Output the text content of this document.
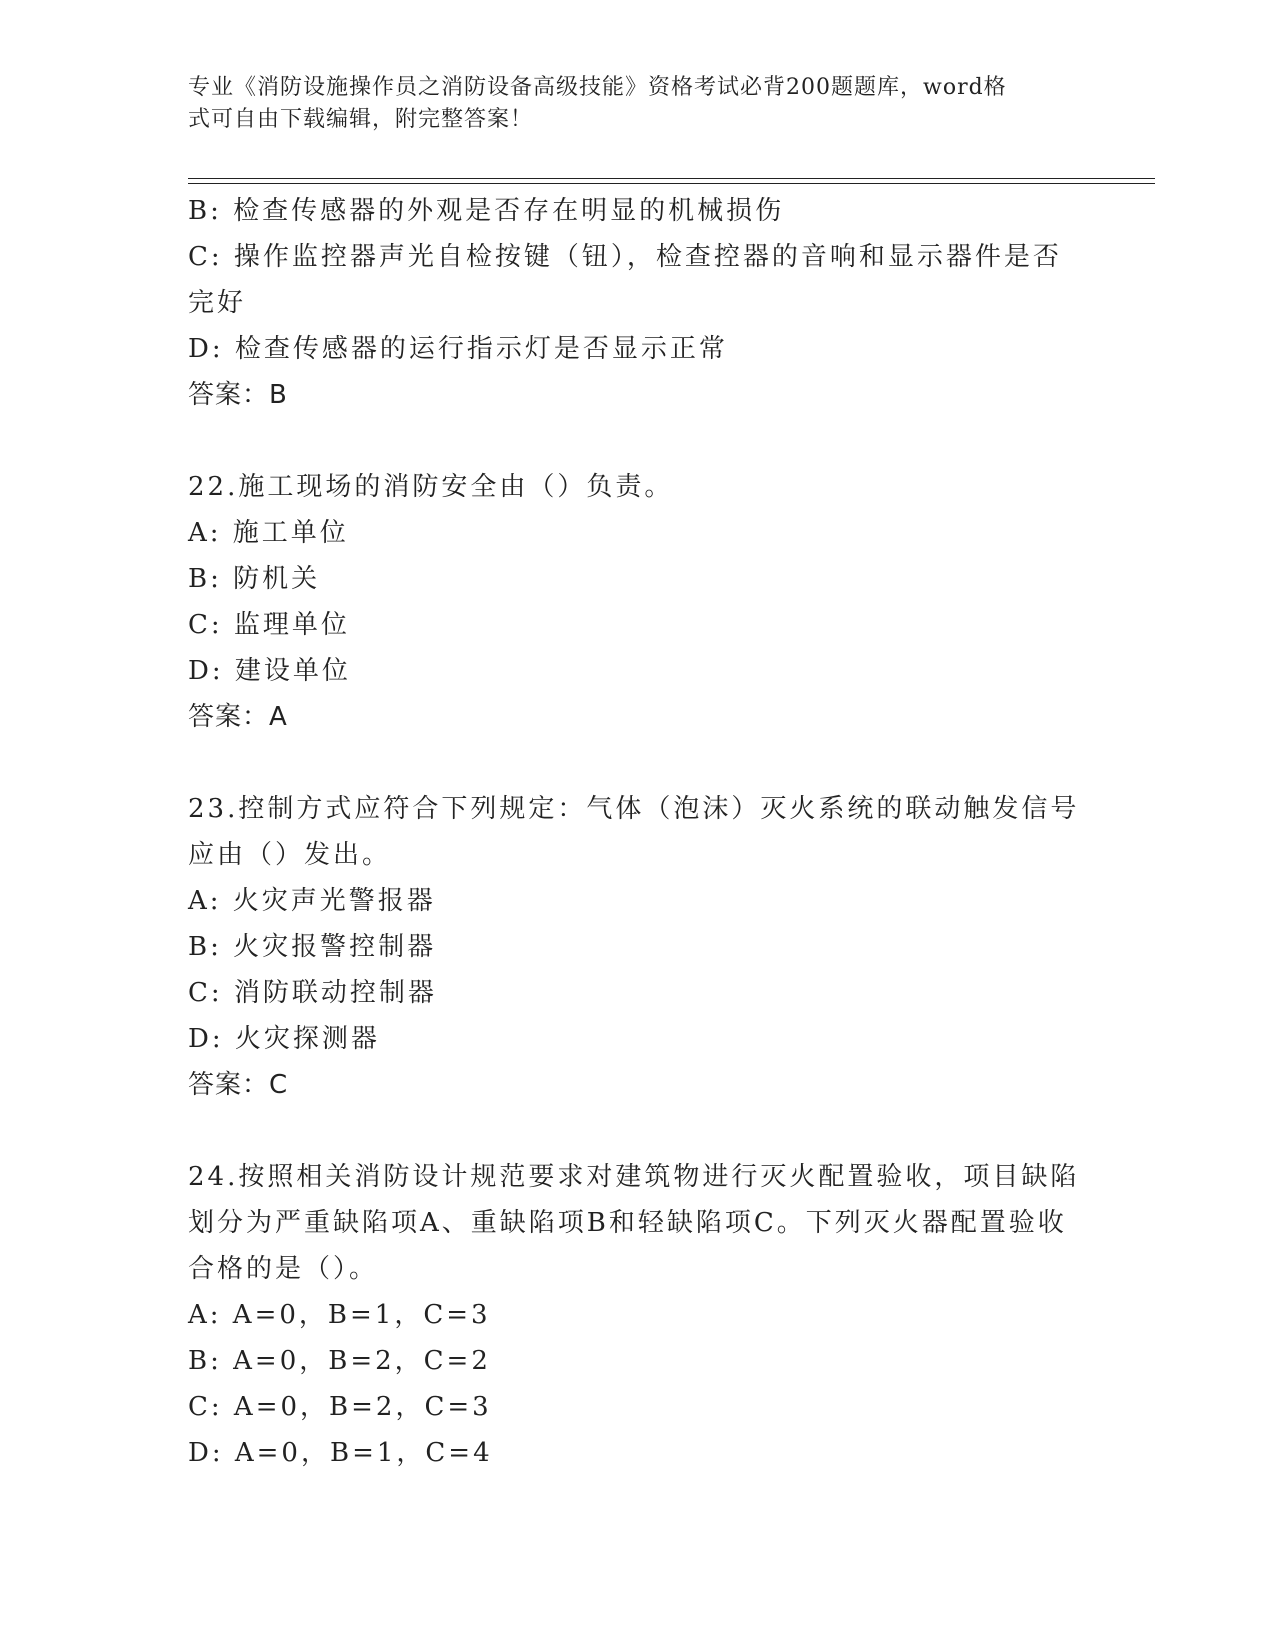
专业《消防设施操作员之消防设备高级技能》资格考试必背200题题库，word格
式可自由下载编辑，附完整答案！
B: 检查传感器的外观是否存在明显的机械损伤
C: 操作监控器声光自检按键（钮），检查控器的音响和显示器件是否
完好
D: 检查传感器的运行指示灯是否显示正常
答案：B
22.施工现场的消防安全由（）负责。
A: 施工单位
B: 防机关
C: 监理单位
D: 建设单位
答案：A
23.控制方式应符合下列规定：气体（泡沫）灭火系统的联动触发信号
应由（）发出。
A: 火灾声光警报器
B: 火灾报警控制器
C: 消防联动控制器
D: 火灾探测器
答案：C
24.按照相关消防设计规范要求对建筑物进行灭火配置验收，项目缺陷
划分为严重缺陷项A、重缺陷项B和轻缺陷项C。下列灭火器配置验收
合格的是（）。
A: A=0，B=1，C=3
B: A=0，B=2，C=2
C: A=0，B=2，C=3
D: A=0，B=1，C=4
